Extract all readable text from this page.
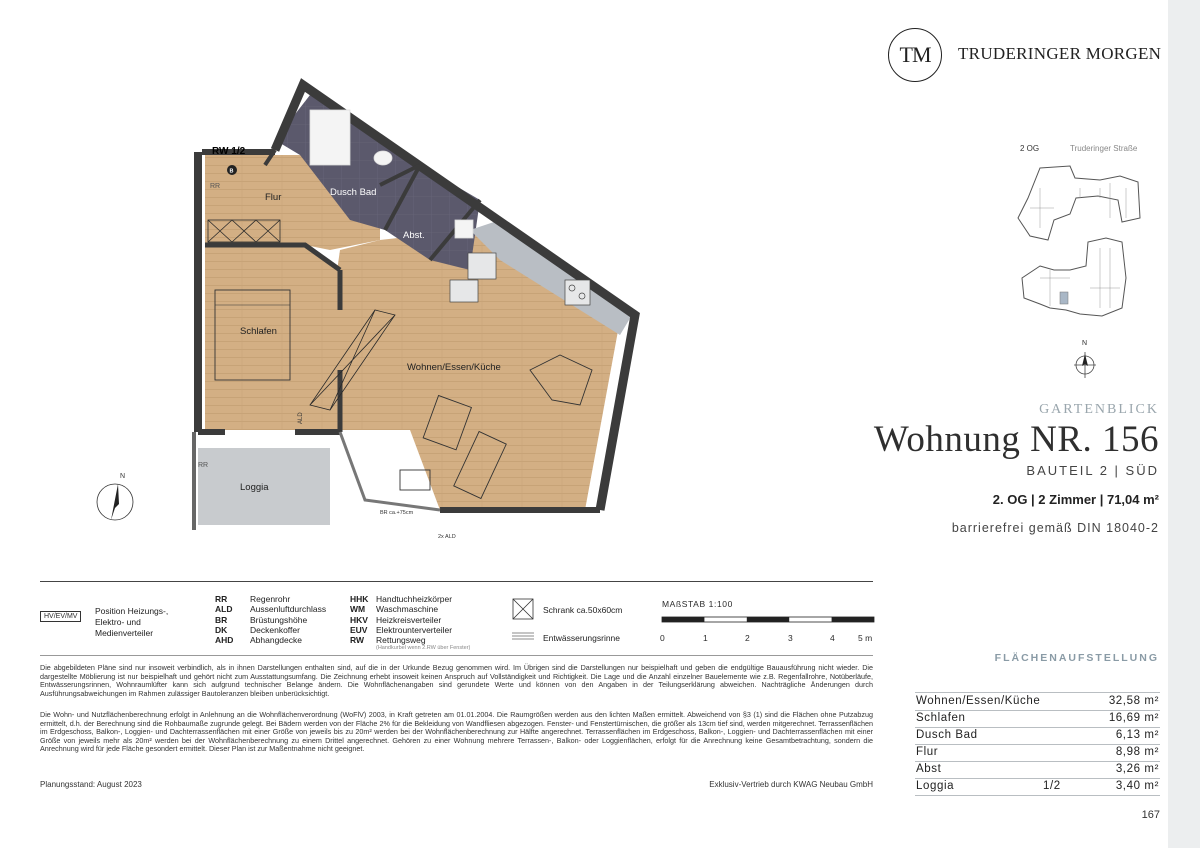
TM	TRUDERINGER MORGEN
2 OG	Truderinger Straße
N
GARTENBLICK
Wohnung NR. 156
BAUTEIL 2 | SÜD
2. OG | 2 Zimmer | 71,04 m²
barrierefrei gemäß DIN 18040-2
Flur	Dusch Bad
Abst.
Schlafen
Wohnen/Essen/Küche
Loggia
RW 1/2
RR
RR
ALD
BR ca.+75cm
2x ALD
N
B
HV/EV/MV
Position Heizungs-,
Elektro- und
Medienverteiler
RR	Regenrohr
ALD Aussenluftdurchlass
BR	Brüstungshöhe
DK	Deckenkoffer
AHD Abhangdecke
HHK Handtuchheizkörper
WM Waschmaschine
HKV Heizkreisverteiler
EUV Elektrounterverteiler
RW Rettungsweg
(Handkurbel wenn 2.RW über Fenster)
Schrank ca.50x60cm
Entwässerungsrinne
MAßSTAB 1:100
0	1	2	3	4	5 m
Die abgebildeten Pläne sind nur insoweit verbindlich, als in ihnen Darstellungen enthalten sind, auf die in der Urkunde Bezug genommen wird. Im Übrigen sind die Darstellungen nur beispielhaft und geben die endgültige Bauausführung nicht wieder. Die dargestellte Möblierung ist nur beispielhaft und gehört nicht zum Ausstattungsumfang. Die Zeichnung erhebt insoweit keinen Anspruch auf Vollständigkeit und Richtigkeit. Die Lage und die Anzahl einzelner Bauelemente wie z.B. Regenfallrohre, Notüberläufe, Entwässerungsrinnen, Wohnraumlüfter kann sich aufgrund technischer Belange ändern. Die Wohnflächenangaben sind gerundete Werte und können von den Angaben in der Teilungserklärung abweichen. Nachträgliche Änderungen durch Ausführungsabweichungen im Rahmen zulässiger Bautoleranzen bleiben unberücksichtigt.
Die Wohn- und Nutzflächenberechnung erfolgt in Anlehnung an die Wohnflächenverordnung (WoFlV) 2003, in Kraft getreten am 01.01.2004. Die Raumgrößen werden aus den lichten Maßen ermittelt. Abweichend von §3 (1) sind die Flächen ohne Putzabzug ermittelt, d.h. der Berechnung sind die Rohbaumaße zugrunde gelegt. Bei Bädern werden von der Fläche 2% für die Bekleidung von Wandfliesen abgezogen. Fenster- und Fenstertürnischen, die größer als 13cm tief sind, werden mitgerechnet. Terrassenflächen im Erdgeschoss, Balkon-, Loggien- und Dachterrassenflächen mit einer Größe von jeweils bis zu 20m² werden bei der Wohnflächenberechnung zur Hälfte angerechnet. Terrassenflächen im Erdgeschoss, Balkon-, Loggien- und Dachterrassenflächen mit einer Größe von jeweils mehr als 20m² werden bei der Wohnflächenberechnung zu einem Drittel angerechnet. Gehören zu einer Wohnung mehrere Terrassen-, Balkon- oder Loggienflächen, erfolgt für die Anrechnung keine Gesamtbetrachtung, sondern die Anrechnung wird für jede Fläche gesondert ermittelt. Dieser Plan ist zur Maßentnahme nicht geeignet.
Planungsstand: August 2023	Exklusiv-Vertrieb durch KWAG Neubau GmbH
FLÄCHENAUFSTELLUNG
Wohnen/Essen/Küche	32,58 m²
Schlafen	16,69 m²
Dusch Bad	6,13 m²
Flur	8,98 m²
Abst	3,26 m²
Loggia	1/2	3,40 m²
167
